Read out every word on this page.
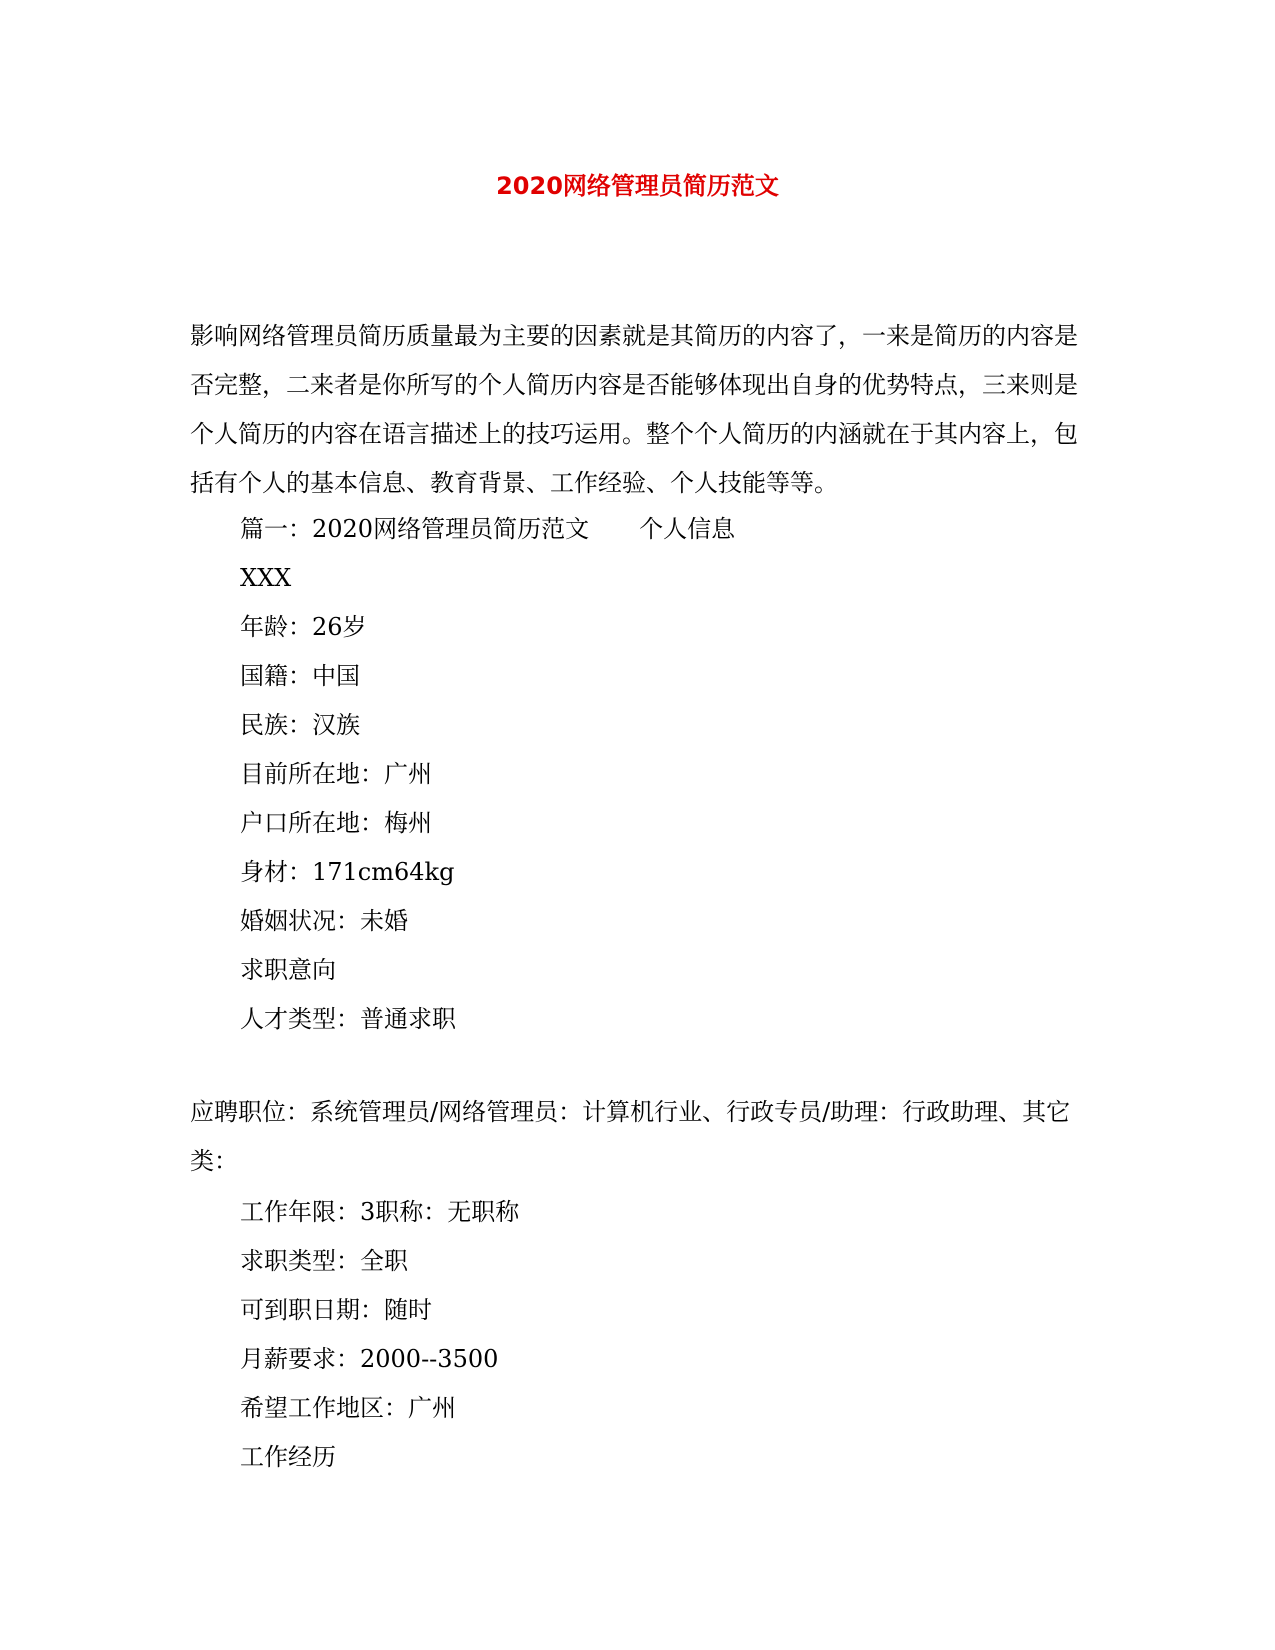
2020网络管理员简历范文

影响网络管理员简历质量最为主要的因素就是其简历的内容了，一来是简历的内容是否完整，二来者是你所写的个人简历内容是否能够体现出自身的优势特点，三来则是个人简历的内容在语言描述上的技巧运用。整个个人简历的内涵就在于其内容上，包括有个人的基本信息、教育背景、工作经验、个人技能等等。

篇一：2020网络管理员简历范文 个人信息
XXX
年龄：26岁
国籍：中国
民族：汉族
目前所在地：广州
户口所在地：梅州
身材：171cm64kg
婚姻状况：未婚
求职意向
人才类型：普通求职

应聘职位：系统管理员/网络管理员：计算机行业、行政专员/助理：行政助理、其它类：

工作年限：3职称：无职称
求职类型：全职
可到职日期：随时
月薪要求：2000--3500
希望工作地区：广州
工作经历
